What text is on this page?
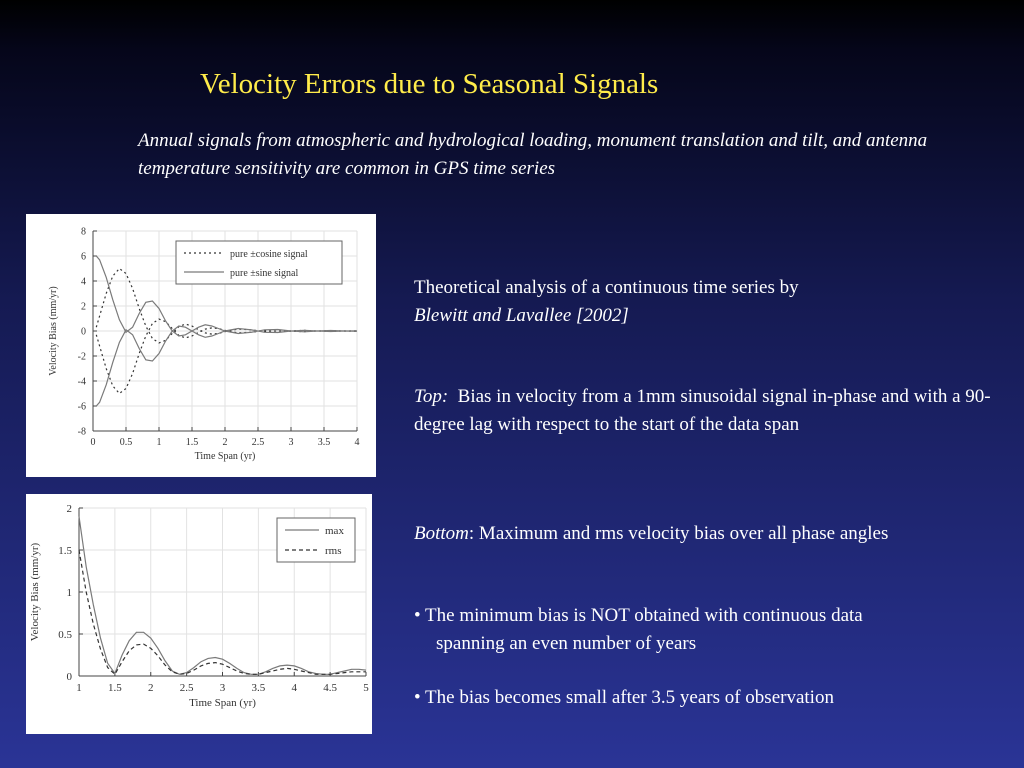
Velocity Errors due to Seasonal Signals
Annual signals from atmospheric and hydrological loading, monument translation and tilt, and antenna temperature sensitivity are common in GPS time series
0 0.5 1 1.5 2 2.5 3 3.5 4
8
6
4
2
0
-2
-4
-6
-8
Time Span (yr)
Velocity Bias (mm/yr)
pure ±cosine signal
pure ±sine signal
1 1.5 2 2.5 3 3.5 4 4.5 5
2
1.5
1
0.5
0
Time Span (yr)
Velocity Bias (mm/yr)
max
rms
Theoretical analysis of a continuous time series by
Blewitt and Lavallee [2002]
Top: Bias in velocity from a 1mm sinusoidal signal in-phase and with a 90-degree lag with respect to the start of the data span
Bottom: Maximum and rms velocity bias over all phase angles
• The minimum bias is NOT obtained with continuous data
spanning an even number of years
• The bias becomes small after 3.5 years of observation
